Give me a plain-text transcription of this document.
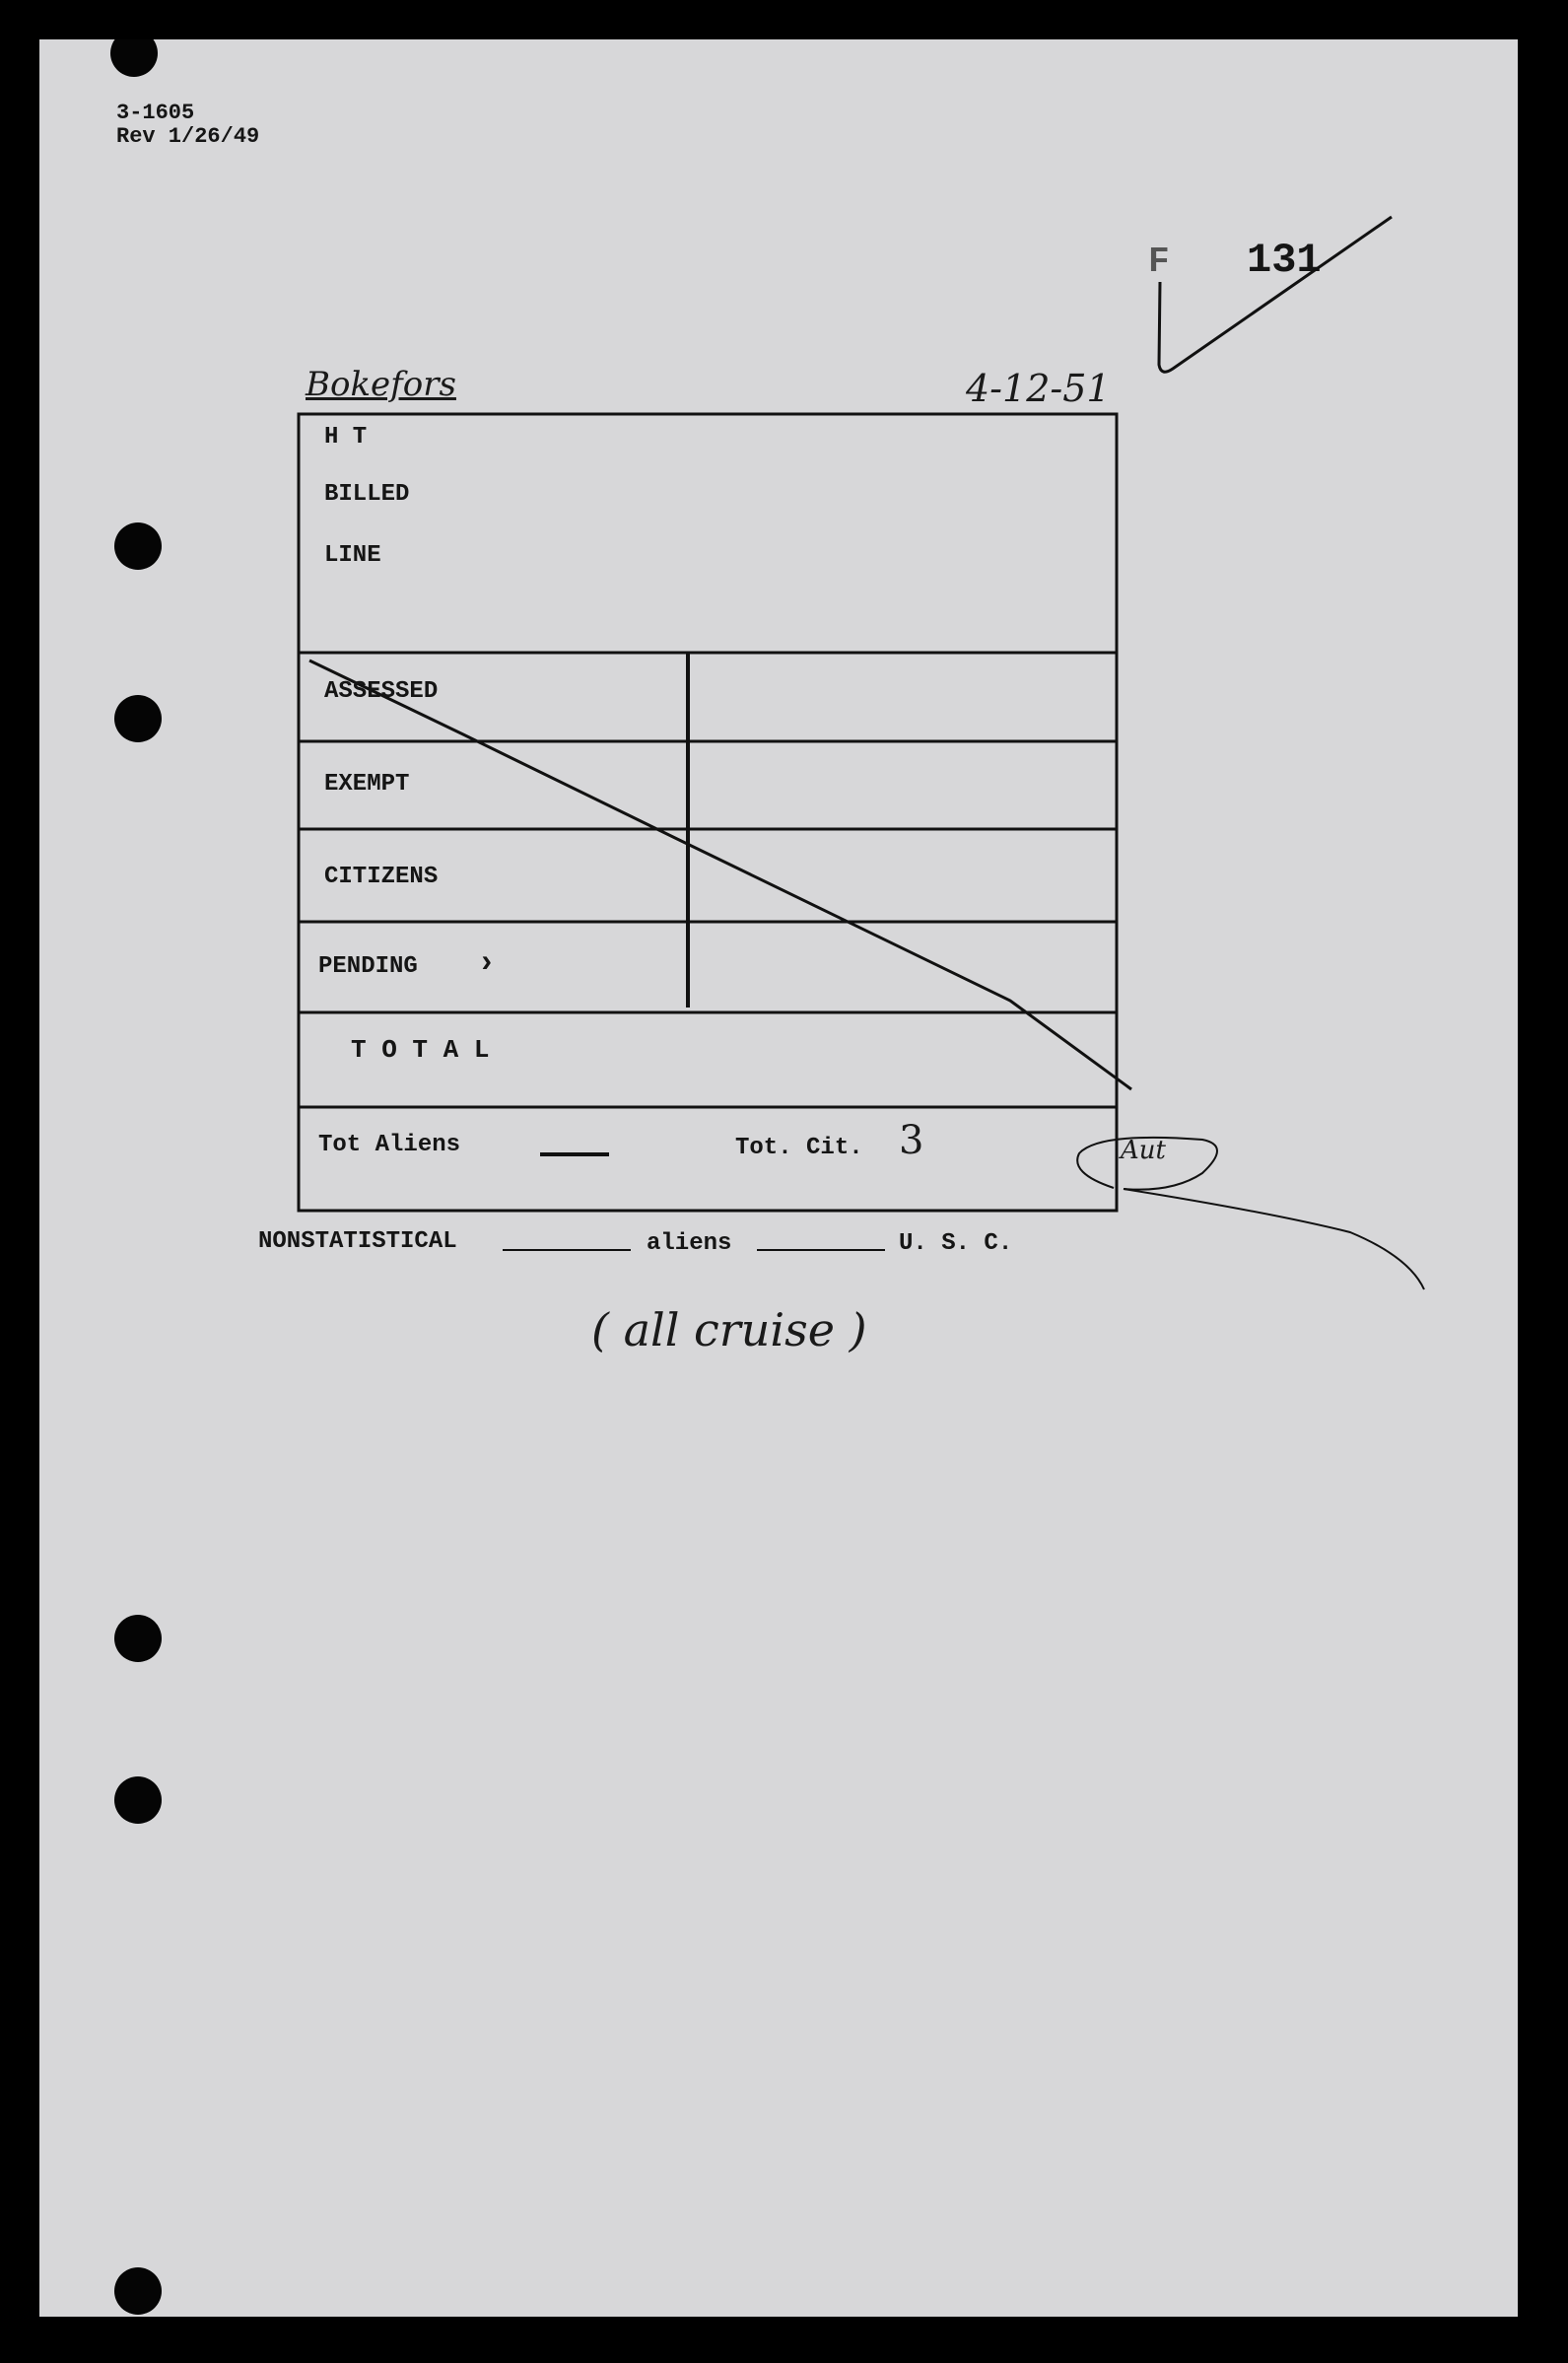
3-1605
Rev 1/26/49
F 131
Bokefors	4-12-51
H T
BILLED
LINE
ASSESSED
EXEMPT
CITIZENS
PENDING ›
T O T A L
Tot Aliens	Tot. Cit. 3	Aut
NONSTATISTICAL	aliens	U. S. C.
( all cruise )
